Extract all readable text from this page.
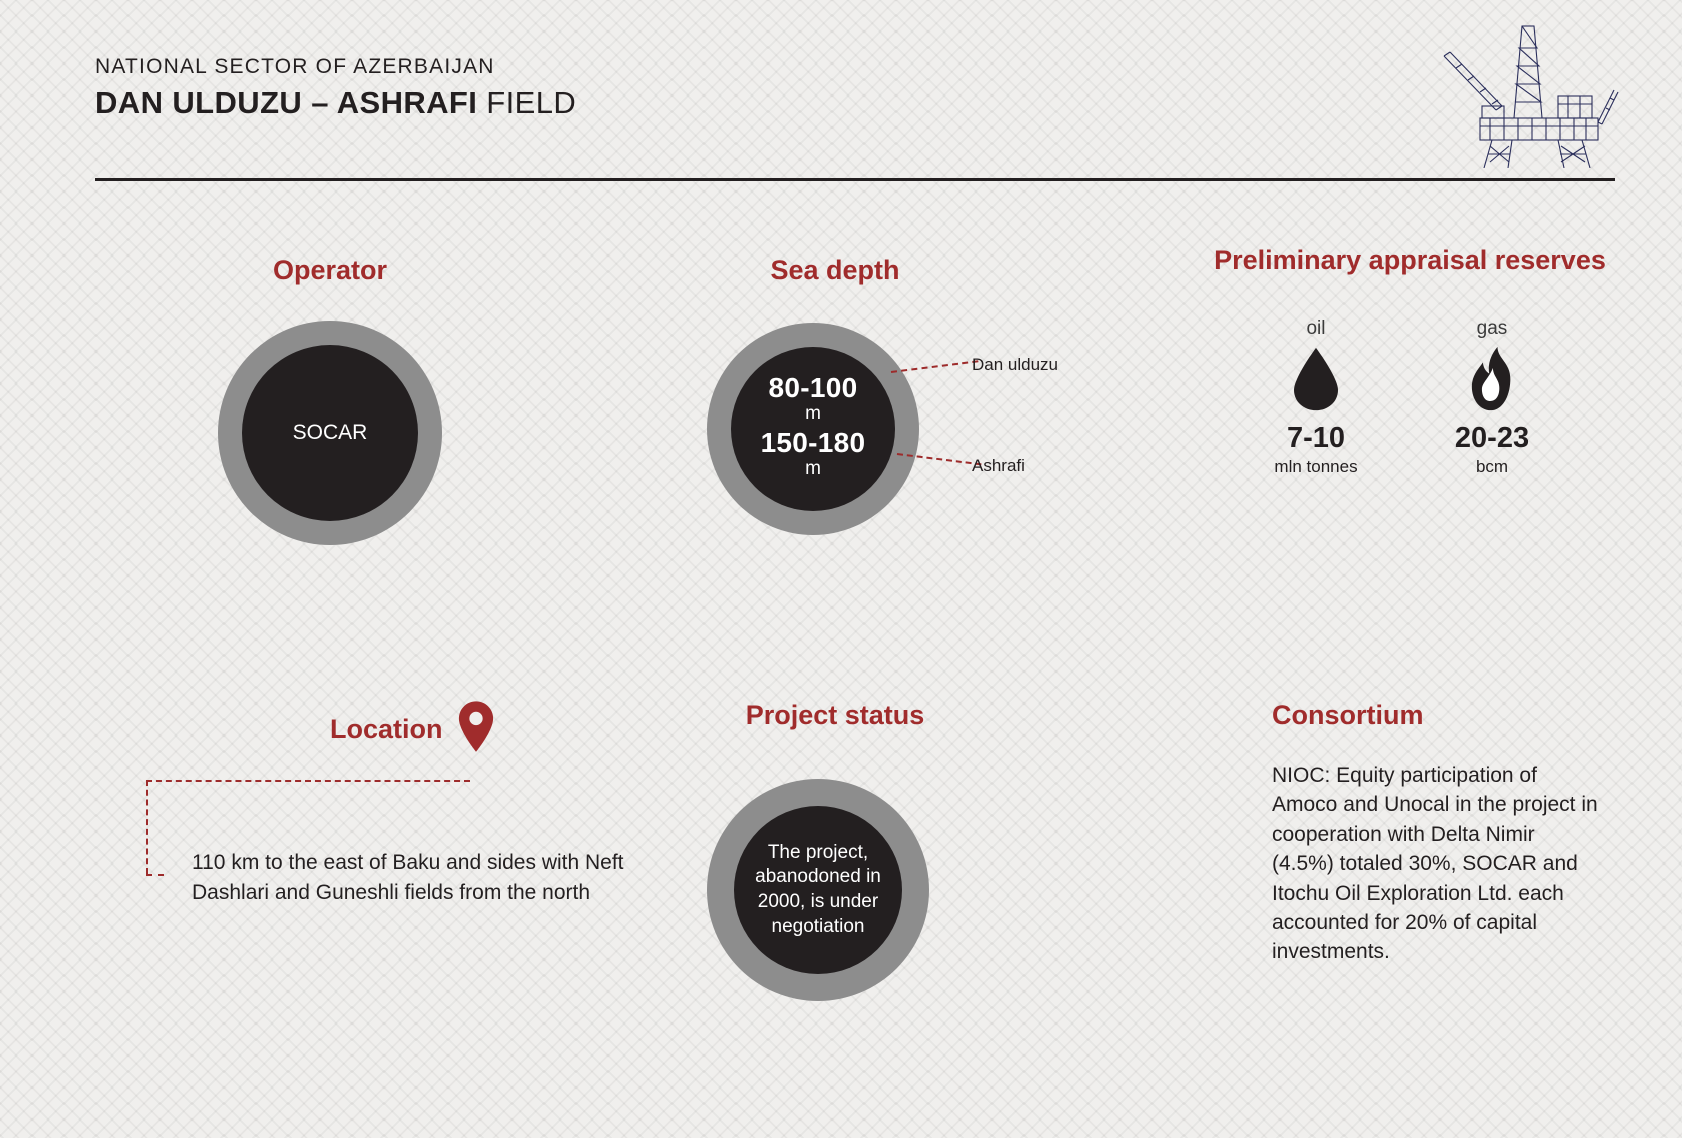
NATIONAL SECTOR OF AZERBAIJAN
DAN ULDUZU – ASHRAFI FIELD
Operator
SOCAR
Sea depth
80-100
m
150-180
m
Dan ulduzu
Ashrafi
Preliminary appraisal reserves
oil
7-10
mln tonnes
gas
20-23
bcm
Location
110 km to the east of Baku and sides with Neft Dashlari and Guneshli fields from the north
Project status
The project, abanodoned in 2000, is under negotiation
Consortium
NIOC: Equity participation of Amoco and Unocal in the project in cooperation with Delta Nimir (4.5%) totaled 30%, SOCAR and Itochu Oil Exploration Ltd. each accounted for 20% of capital investments.
